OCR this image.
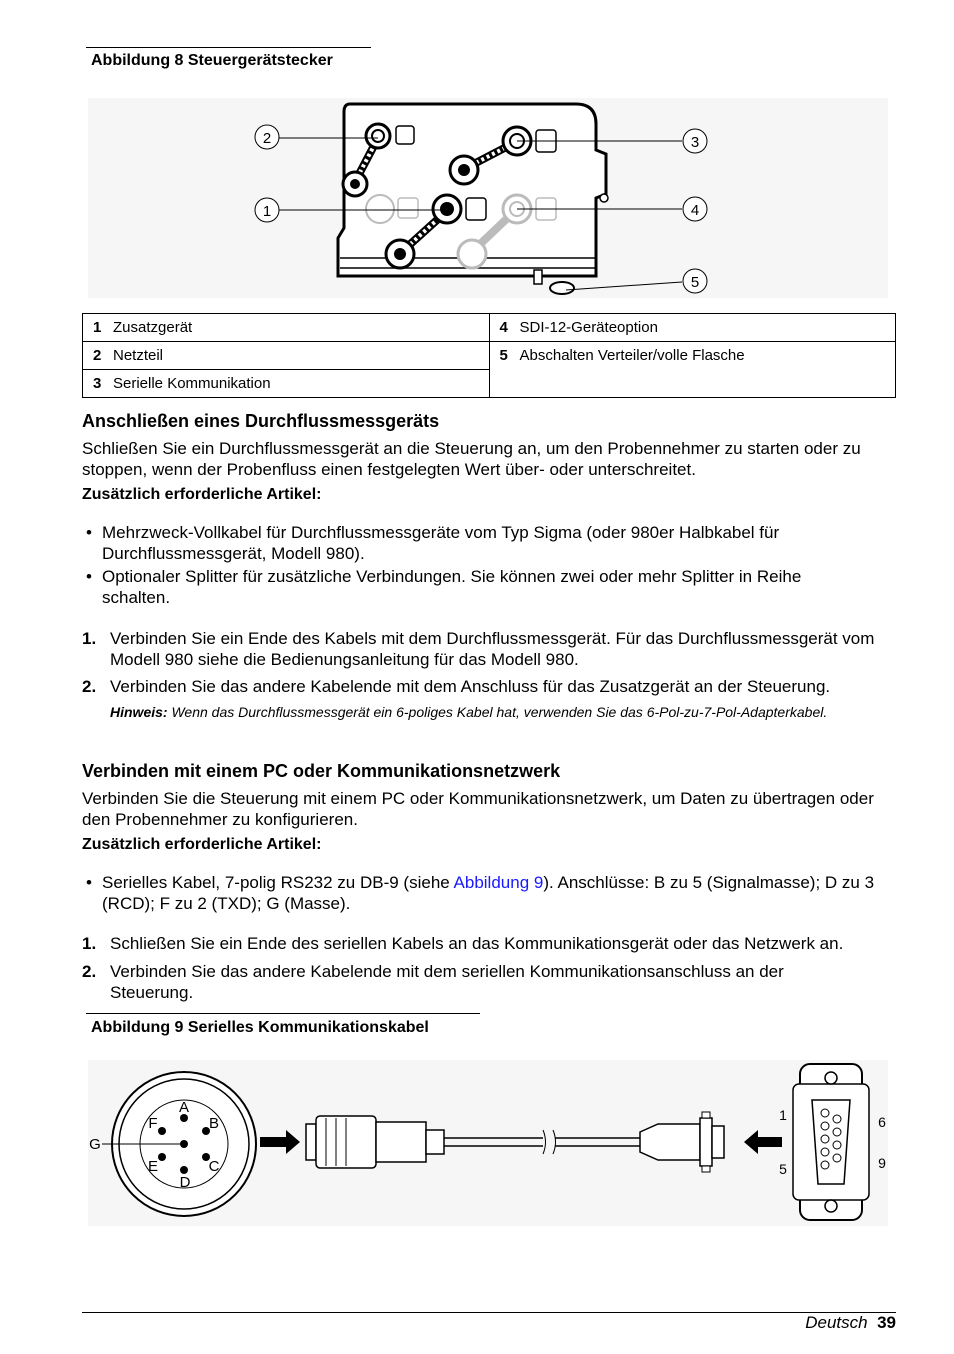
Abbildung 8 Steuergerätstecker
2
1
3
4
5
1 Zusatzgerät	4 SDI-12-Geräteoption
2 Netzteil	5 Abschalten Verteiler/volle Flasche
3 Serielle Kommunikation	
Anschließen eines Durchflussmessgeräts

Schließen Sie ein Durchflussmessgerät an die Steuerung an, um den Probennehmer zu starten oder zu stoppen, wenn der Probenfluss einen festgelegten Wert über- oder unterschreitet.

Zusätzlich erforderliche Artikel:
• Mehrzweck-Vollkabel für Durchflussmessgeräte vom Typ Sigma (oder 980er Halbkabel für Durchflussmessgerät, Modell 980).
• Optionaler Splitter für zusätzliche Verbindungen. Sie können zwei oder mehr Splitter in Reihe schalten.
1. Verbinden Sie ein Ende des Kabels mit dem Durchflussmessgerät. Für das Durchflussmessgerät vom Modell 980 siehe die Bedienungsanleitung für das Modell 980.
2. Verbinden Sie das andere Kabelende mit dem Anschluss für das Zusatzgerät an der Steuerung.
Hinweis: Wenn das Durchflussmessgerät ein 6-poliges Kabel hat, verwenden Sie das 6-Pol-zu-7-Pol-Adapterkabel.
Verbinden mit einem PC oder Kommunikationsnetzwerk

Verbinden Sie die Steuerung mit einem PC oder Kommunikationsnetzwerk, um Daten zu übertragen oder den Probennehmer zu konfigurieren.

Zusätzlich erforderliche Artikel:
• Serielles Kabel, 7-polig RS232 zu DB-9 (siehe Abbildung 9). Anschlüsse: B zu 5 (Signalmasse); D zu 3 (RCD); F zu 2 (TXD); G (Masse).
1. Schließen Sie ein Ende des seriellen Kabels an das Kommunikationsgerät oder das Netzwerk an.
2. Verbinden Sie das andere Kabelende mit dem seriellen Kommunikationsanschluss an der Steuerung.
Abbildung 9 Serielles Kommunikationskabel
A
B
C
D
E
F
G
1
5
6
9
Deutsch 39
